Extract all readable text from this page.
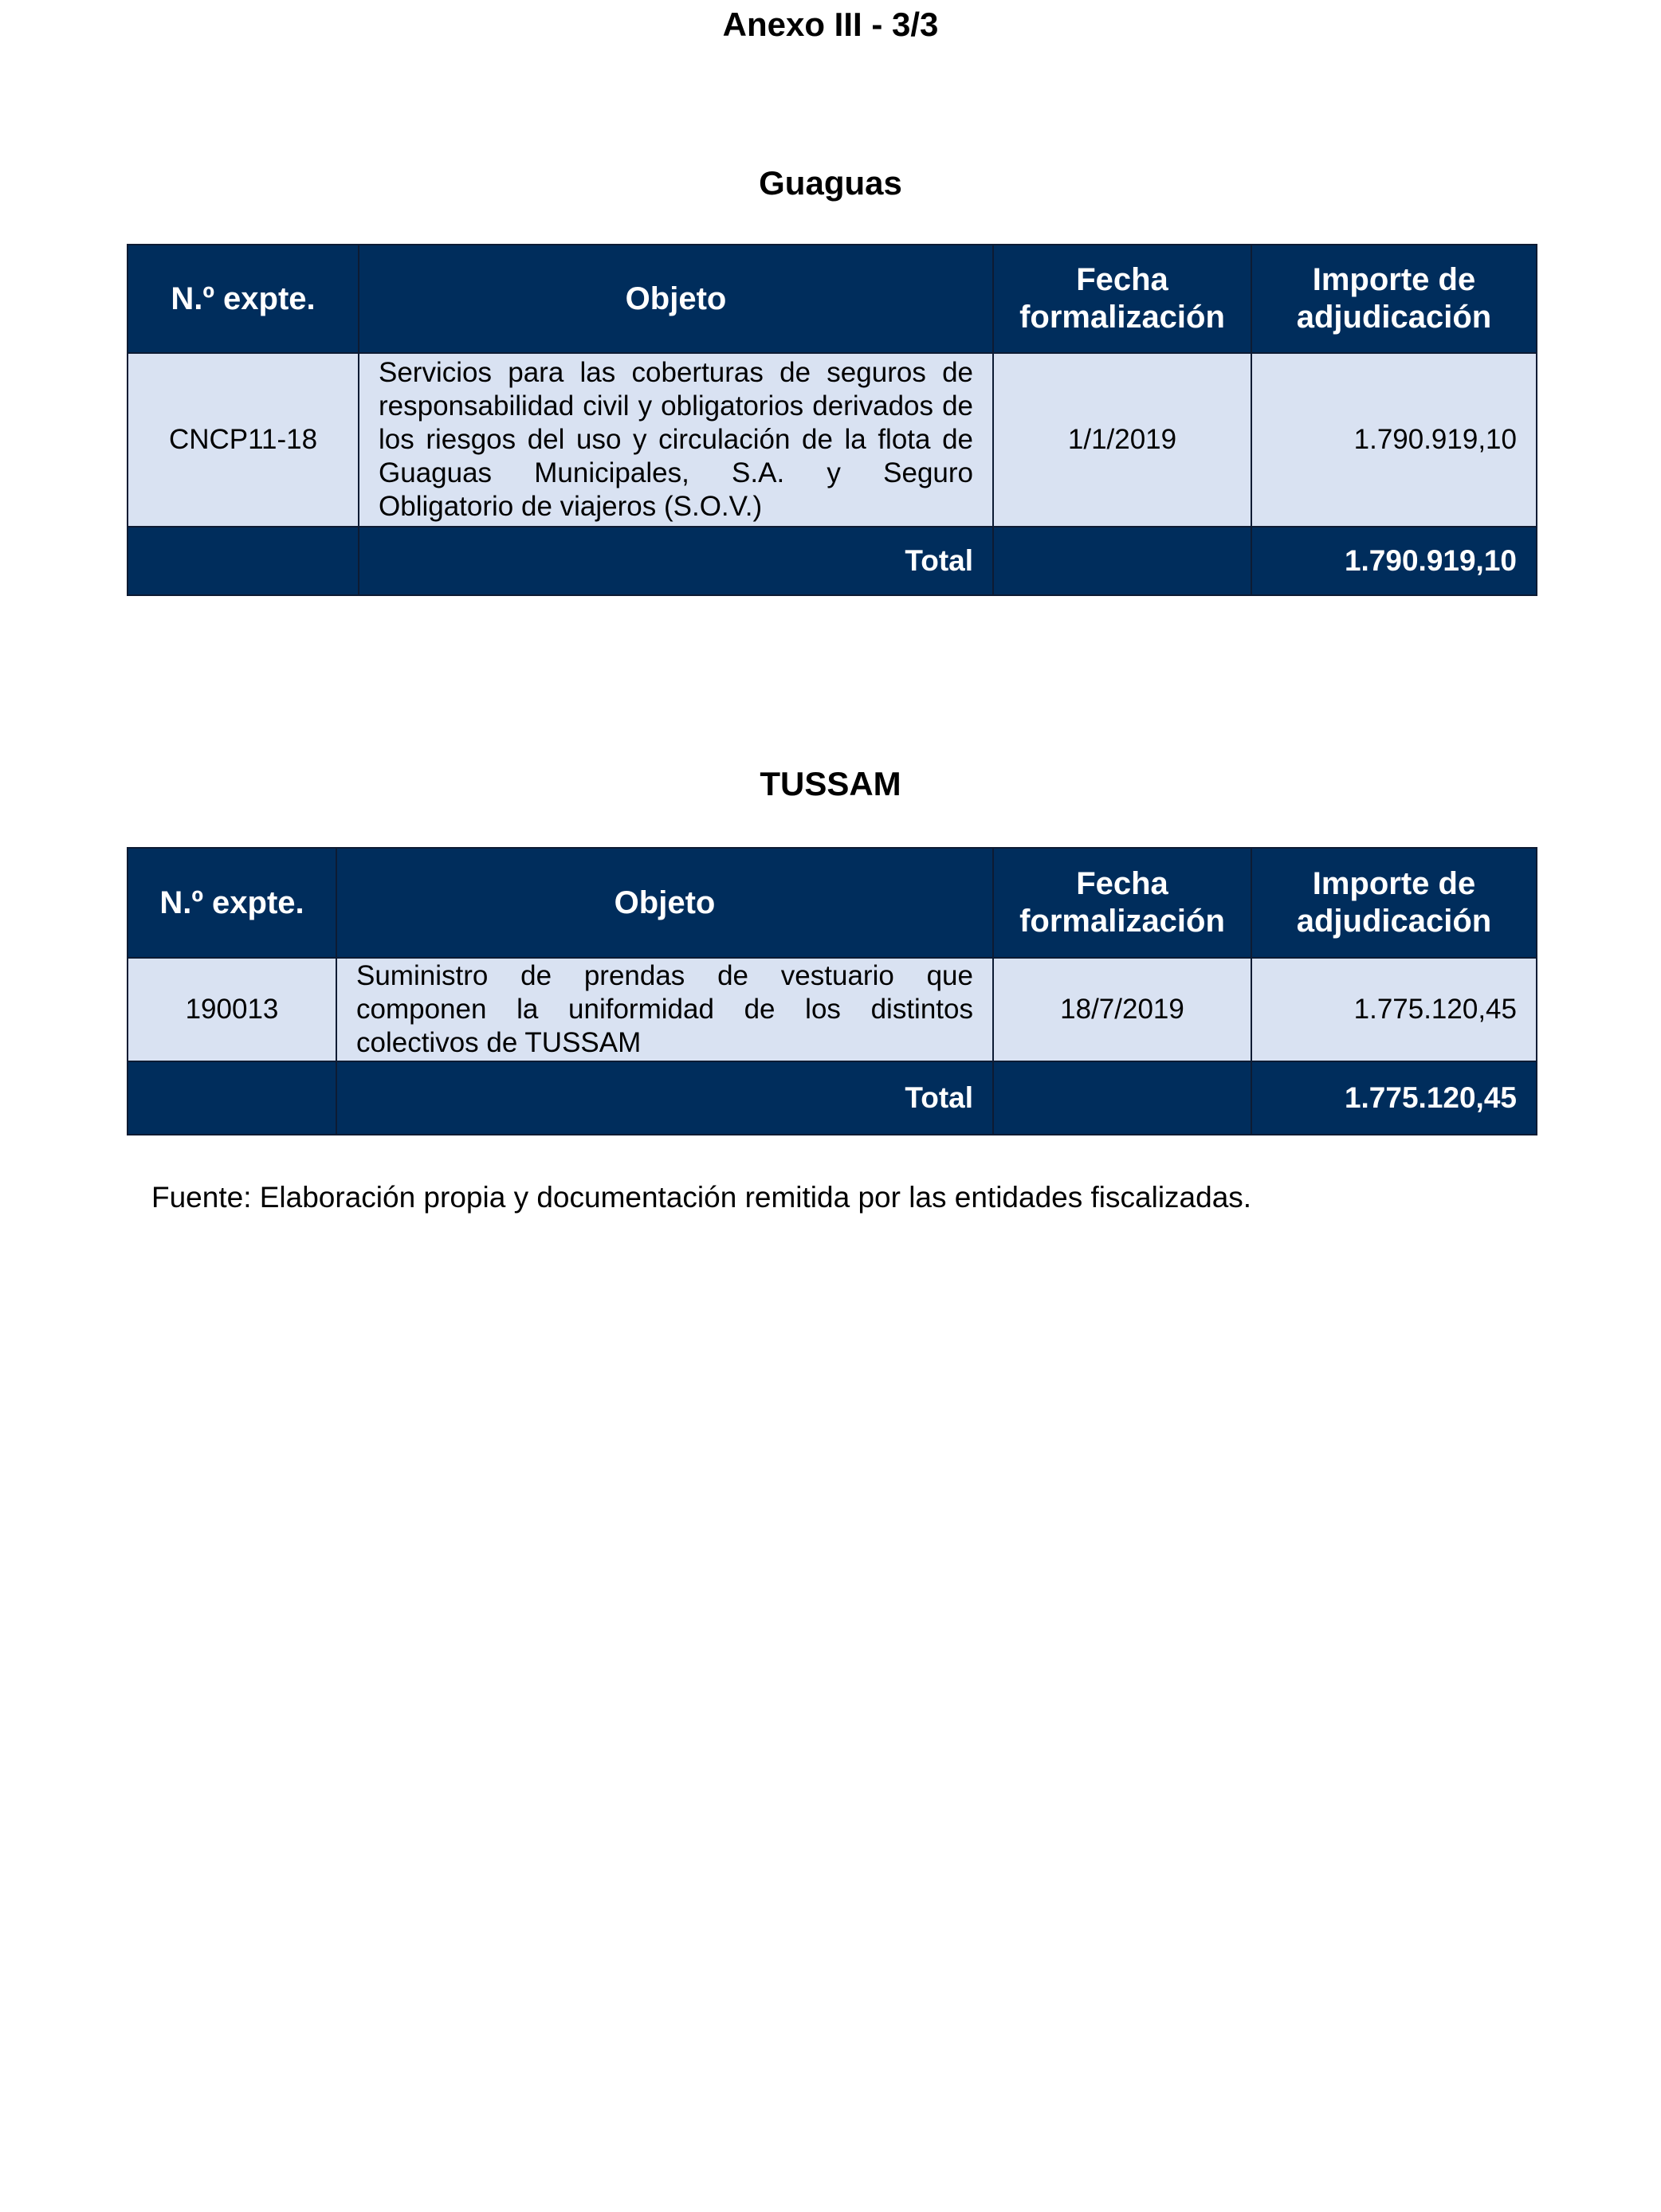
Anexo III - 3/3
Guaguas
N.º expte.	Objeto	Fecha formalización	Importe de adjudicación
CNCP11-18	Servicios para las coberturas de seguros de responsabilidad civil y obligatorios derivados de los riesgos del uso y circulación de la flota de Guaguas Municipales, S.A. y Seguro Obligatorio de viajeros (S.O.V.)	1/1/2019	1.790.919,10
	Total		1.790.919,10
TUSSAM
N.º expte.	Objeto	Fecha formalización	Importe de adjudicación
190013	Suministro de prendas de vestuario que componen la uniformidad de los distintos colectivos de TUSSAM	18/7/2019	1.775.120,45
	Total		1.775.120,45
Fuente: Elaboración propia y documentación remitida por las entidades fiscalizadas.
